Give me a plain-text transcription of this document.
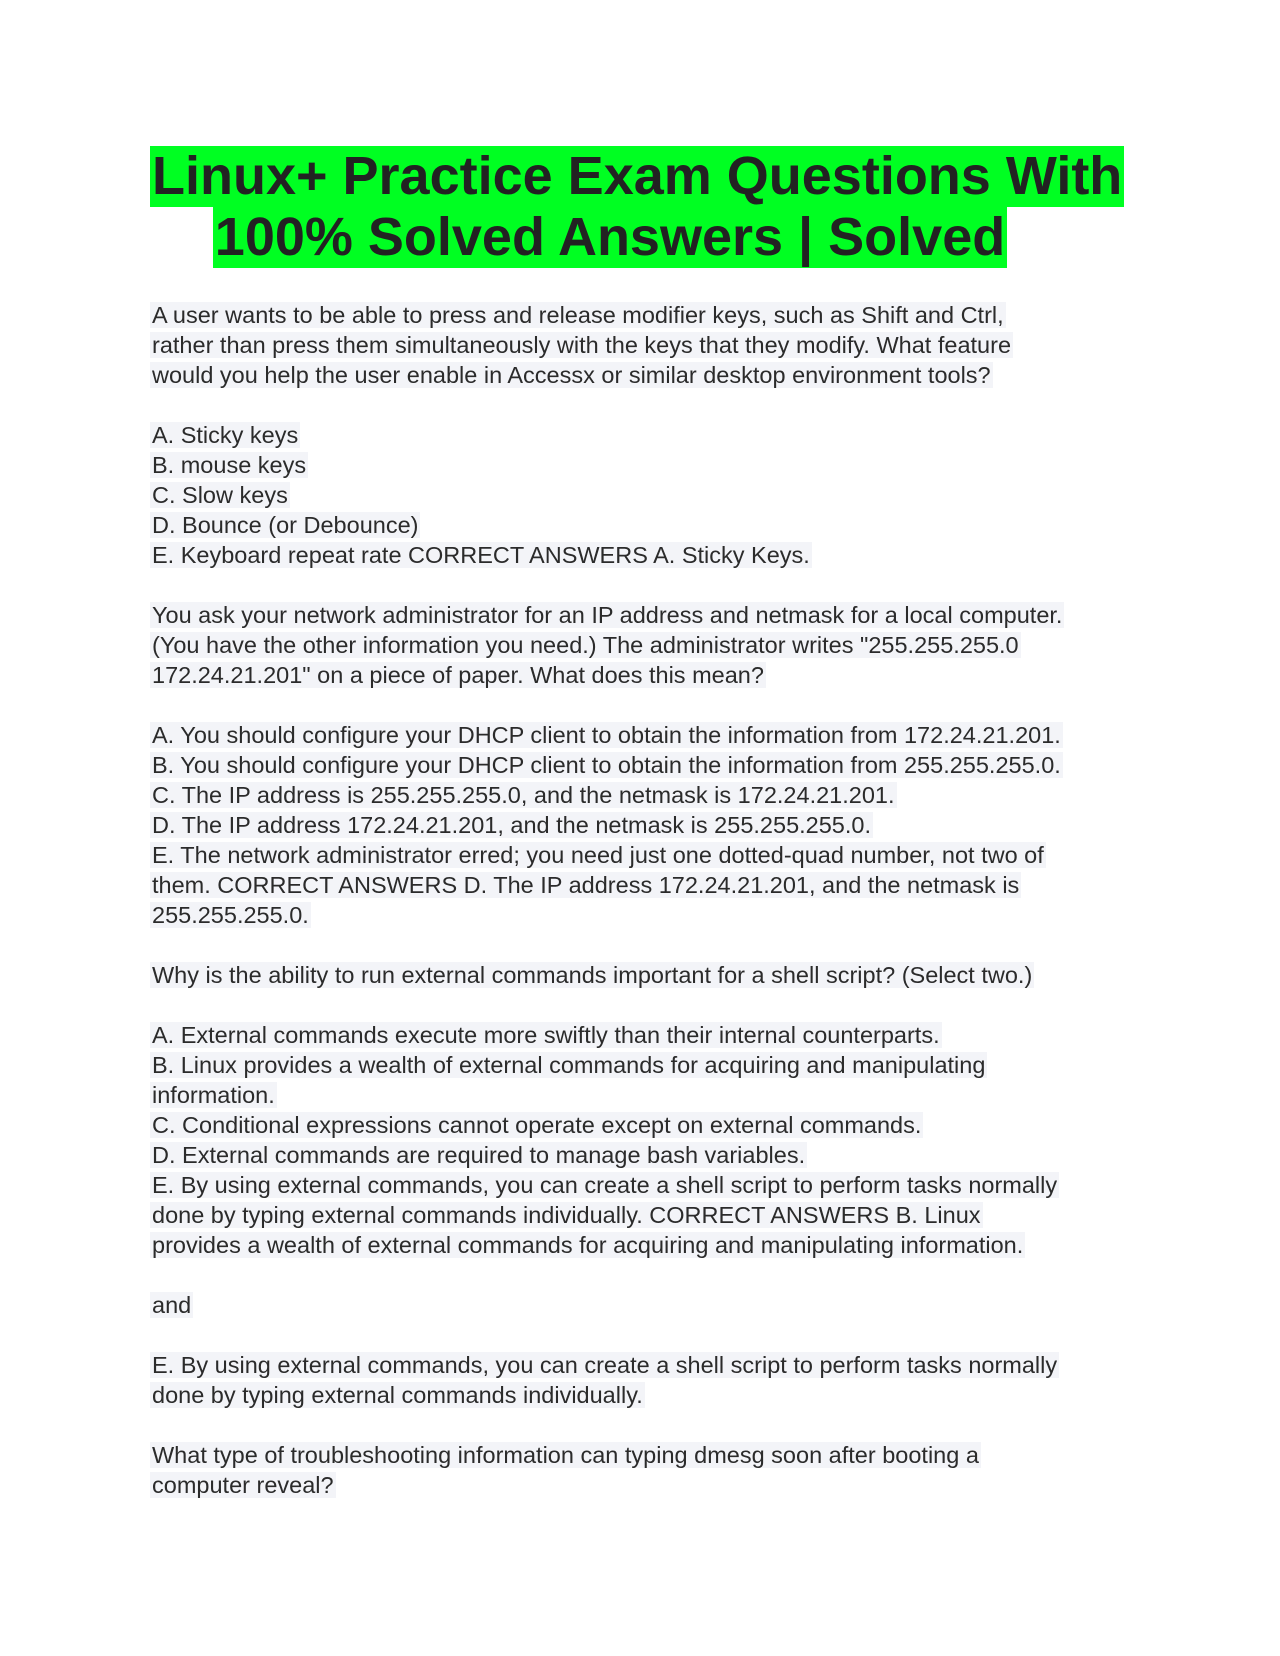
Linux+ Practice Exam Questions With
100% Solved Answers | Solved
A user wants to be able to press and release modifier keys, such as Shift and Ctrl,
rather than press them simultaneously with the keys that they modify. What feature
would you help the user enable in Accessx or similar desktop environment tools?
A. Sticky keys
B. mouse keys
C. Slow keys
D. Bounce (or Debounce)
E. Keyboard repeat rate CORRECT ANSWERS A. Sticky Keys.
You ask your network administrator for an IP address and netmask for a local computer.
(You have the other information you need.) The administrator writes "255.255.255.0
172.24.21.201" on a piece of paper. What does this mean?
A. You should configure your DHCP client to obtain the information from 172.24.21.201.
B. You should configure your DHCP client to obtain the information from 255.255.255.0.
C. The IP address is 255.255.255.0, and the netmask is 172.24.21.201.
D. The IP address 172.24.21.201, and the netmask is 255.255.255.0.
E. The network administrator erred; you need just one dotted-quad number, not two of
them. CORRECT ANSWERS D. The IP address 172.24.21.201, and the netmask is
255.255.255.0.
Why is the ability to run external commands important for a shell script? (Select two.)
A. External commands execute more swiftly than their internal counterparts.
B. Linux provides a wealth of external commands for acquiring and manipulating
information.
C. Conditional expressions cannot operate except on external commands.
D. External commands are required to manage bash variables.
E. By using external commands, you can create a shell script to perform tasks normally
done by typing external commands individually. CORRECT ANSWERS B. Linux
provides a wealth of external commands for acquiring and manipulating information.
and
E. By using external commands, you can create a shell script to perform tasks normally
done by typing external commands individually.
What type of troubleshooting information can typing dmesg soon after booting a
computer reveal?
